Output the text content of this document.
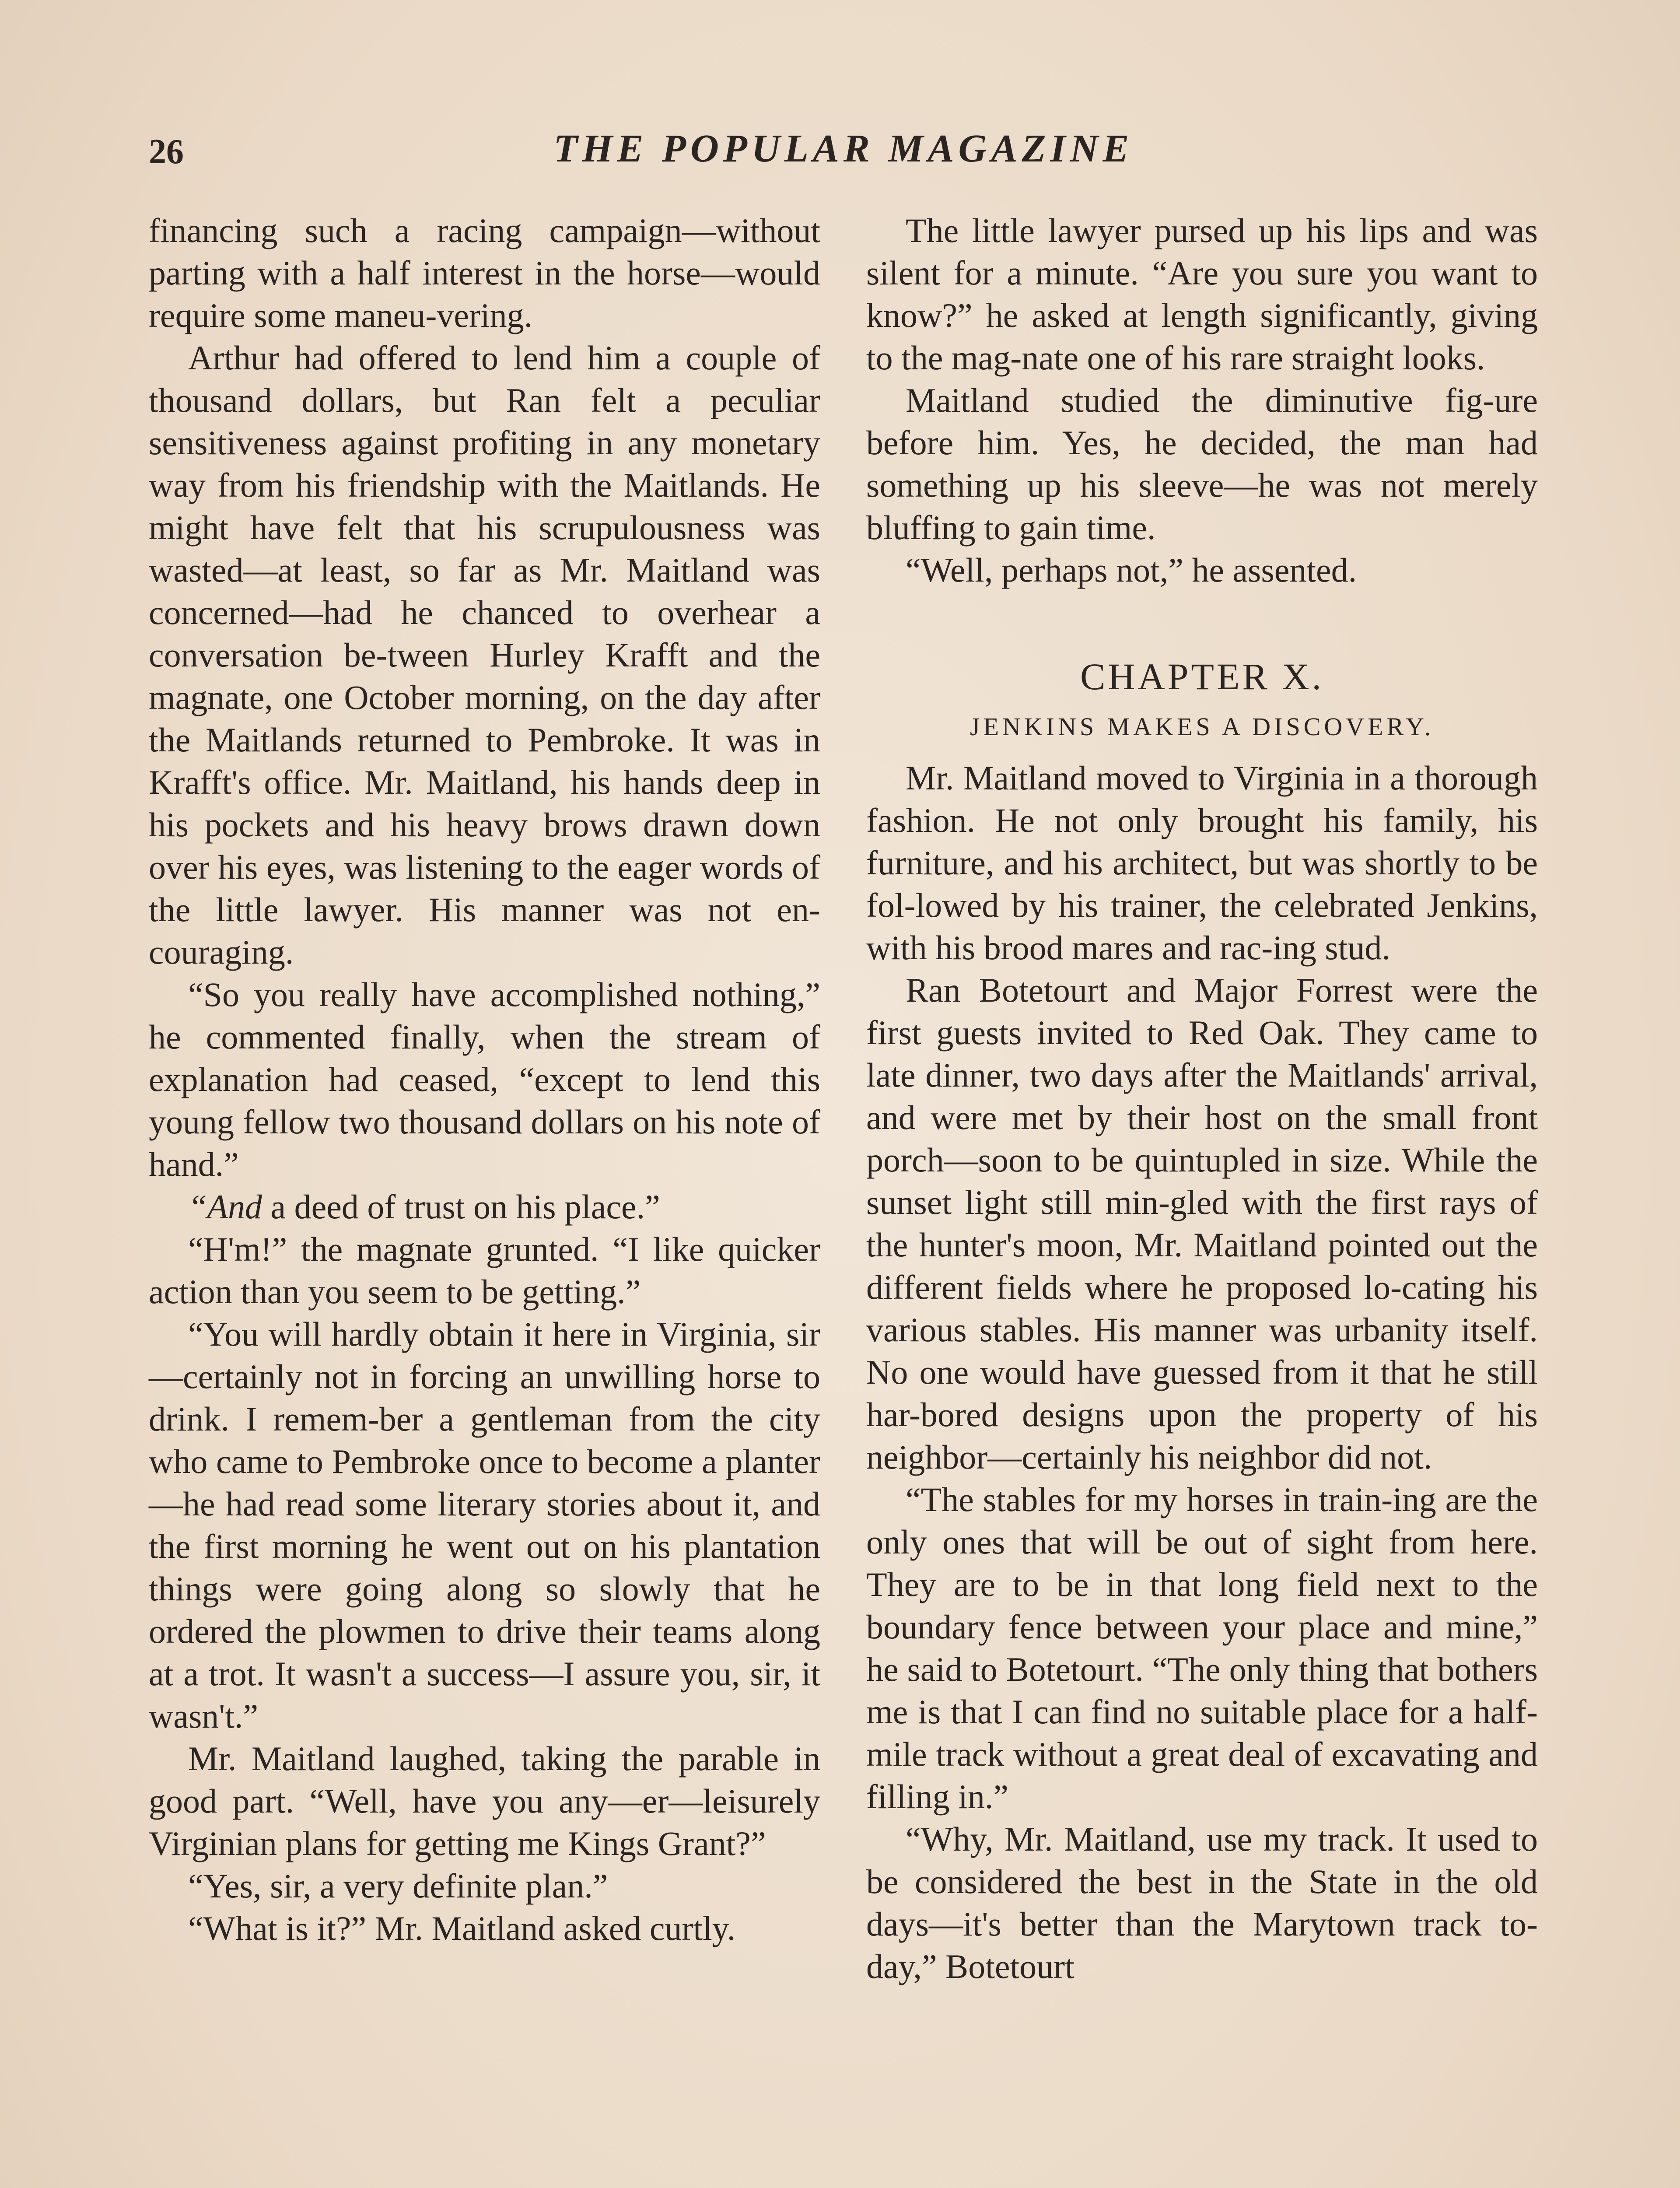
26	THE POPULAR MAGAZINE

financing such a racing campaign—without parting with a half interest in the horse—would require some maneu-vering.

Arthur had offered to lend him a couple of thousand dollars, but Ran felt a peculiar sensitiveness against profiting in any monetary way from his friendship with the Maitlands. He might have felt that his scrupulousness was wasted—at least, so far as Mr. Maitland was concerned—had he chanced to overhear a conversation be-tween Hurley Krafft and the magnate, one October morning, on the day after the Maitlands returned to Pembroke. It was in Krafft's office. Mr. Maitland, his hands deep in his pockets and his heavy brows drawn down over his eyes, was listening to the eager words of the little lawyer. His manner was not en-couraging.

“So you really have accomplished nothing,” he commented finally, when the stream of explanation had ceased, “except to lend this young fellow two thousand dollars on his note of hand.”

“And a deed of trust on his place.”

“H'm!” the magnate grunted. “I like quicker action than you seem to be getting.”

“You will hardly obtain it here in Virginia, sir—certainly not in forcing an unwilling horse to drink. I remem-ber a gentleman from the city who came to Pembroke once to become a planter—he had read some literary stories about it, and the first morning he went out on his plantation things were going along so slowly that he ordered the plowmen to drive their teams along at a trot. It wasn't a success—I assure you, sir, it wasn't.”

Mr. Maitland laughed, taking the parable in good part. “Well, have you any—er—leisurely Virginian plans for getting me Kings Grant?”

“Yes, sir, a very definite plan.”

“What is it?” Mr. Maitland asked curtly.

The little lawyer pursed up his lips and was silent for a minute. “Are you sure you want to know?” he asked at length significantly, giving to the mag-nate one of his rare straight looks.

Maitland studied the diminutive fig-ure before him. Yes, he decided, the man had something up his sleeve—he was not merely bluffing to gain time.

“Well, perhaps not,” he assented.

CHAPTER X.
JENKINS MAKES A DISCOVERY.

Mr. Maitland moved to Virginia in a thorough fashion. He not only brought his family, his furniture, and his architect, but was shortly to be fol-lowed by his trainer, the celebrated Jenkins, with his brood mares and rac-ing stud.

Ran Botetourt and Major Forrest were the first guests invited to Red Oak. They came to late dinner, two days after the Maitlands' arrival, and were met by their host on the small front porch—soon to be quintupled in size. While the sunset light still min-gled with the first rays of the hunter's moon, Mr. Maitland pointed out the different fields where he proposed lo-cating his various stables. His manner was urbanity itself. No one would have guessed from it that he still har-bored designs upon the property of his neighbor—certainly his neighbor did not.

“The stables for my horses in train-ing are the only ones that will be out of sight from here. They are to be in that long field next to the boundary fence between your place and mine,” he said to Botetourt. “The only thing that bothers me is that I can find no suitable place for a half-mile track without a great deal of excavating and filling in.”

“Why, Mr. Maitland, use my track. It used to be considered the best in the State in the old days—it's better than the Marytown track to-day,” Botetourt
